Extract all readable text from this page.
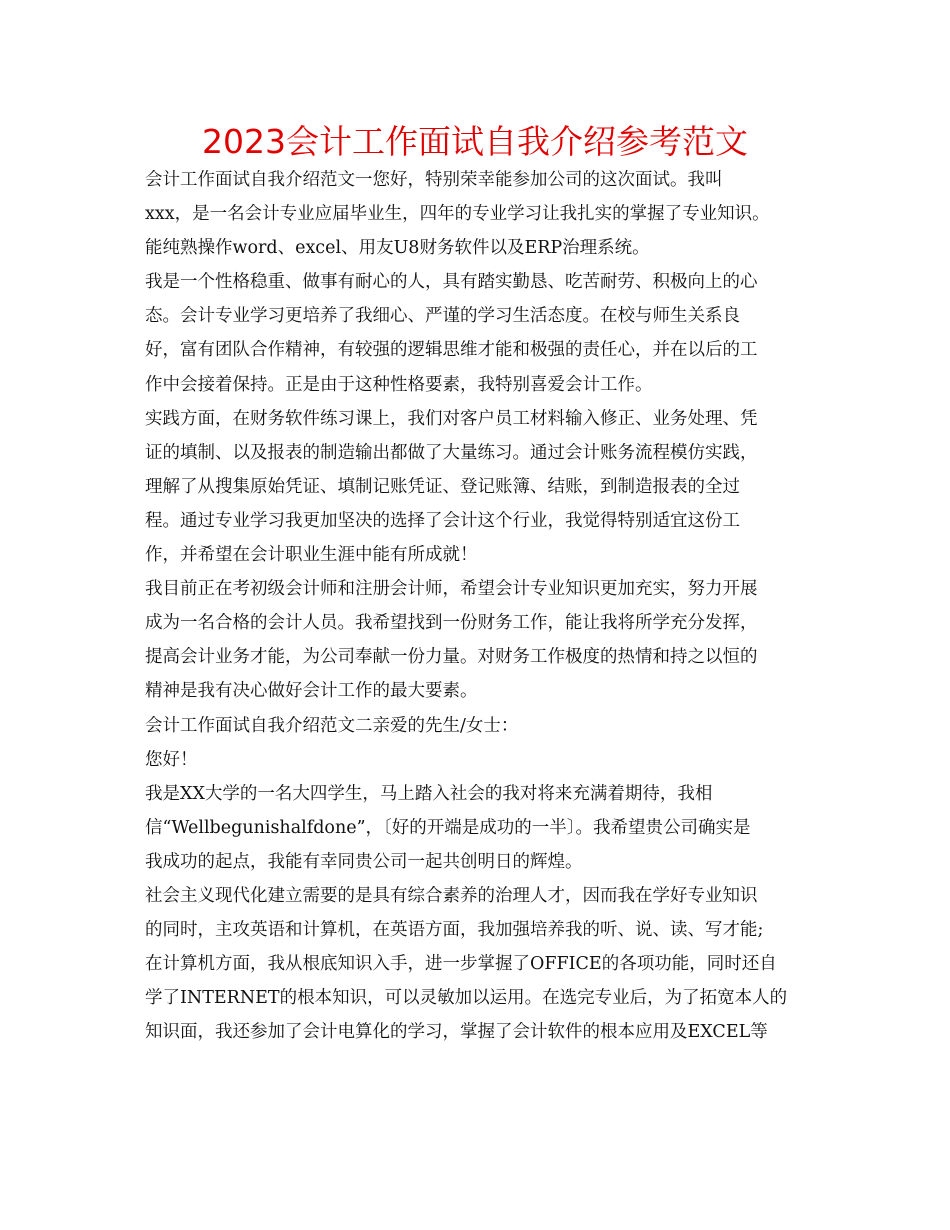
2023会计工作面试自我介绍参考范文
会计工作面试自我介绍范文一您好，特别荣幸能参加公司的这次面试。我叫
xxx，是一名会计专业应届毕业生，四年的专业学习让我扎实的掌握了专业知识。
能纯熟操作word、excel、用友U8财务软件以及ERP治理系统。
我是一个性格稳重、做事有耐心的人，具有踏实勤恳、吃苦耐劳、积极向上的心
态。会计专业学习更培养了我细心、严谨的学习生活态度。在校与师生关系良
好，富有团队合作精神，有较强的逻辑思维才能和极强的责任心，并在以后的工
作中会接着保持。正是由于这种性格要素，我特别喜爱会计工作。
实践方面，在财务软件练习课上，我们对客户员工材料输入修正、业务处理、凭
证的填制、以及报表的制造输出都做了大量练习。通过会计账务流程模仿实践，
理解了从搜集原始凭证、填制记账凭证、登记账簿、结账，到制造报表的全过
程。通过专业学习我更加坚决的选择了会计这个行业，我觉得特别适宜这份工
作，并希望在会计职业生涯中能有所成就！
我目前正在考初级会计师和注册会计师，希望会计专业知识更加充实，努力开展
成为一名合格的会计人员。我希望找到一份财务工作，能让我将所学充分发挥，
提高会计业务才能，为公司奉献一份力量。对财务工作极度的热情和持之以恒的
精神是我有决心做好会计工作的最大要素。
会计工作面试自我介绍范文二亲爱的先生/女士：
您好！
我是XX大学的一名大四学生，马上踏入社会的我对将来充满着期待，我相
信“Wellbegunishalfdone”，〔好的开端是成功的一半〕。我希望贵公司确实是
我成功的起点，我能有幸同贵公司一起共创明日的辉煌。
社会主义现代化建立需要的是具有综合素养的治理人才，因而我在学好专业知识
的同时，主攻英语和计算机，在英语方面，我加强培养我的听、说、读、写才能;
在计算机方面，我从根底知识入手，进一步掌握了OFFICE的各项功能，同时还自
学了INTERNET的根本知识，可以灵敏加以运用。在选完专业后，为了拓宽本人的
知识面，我还参加了会计电算化的学习，掌握了会计软件的根本应用及EXCEL等
